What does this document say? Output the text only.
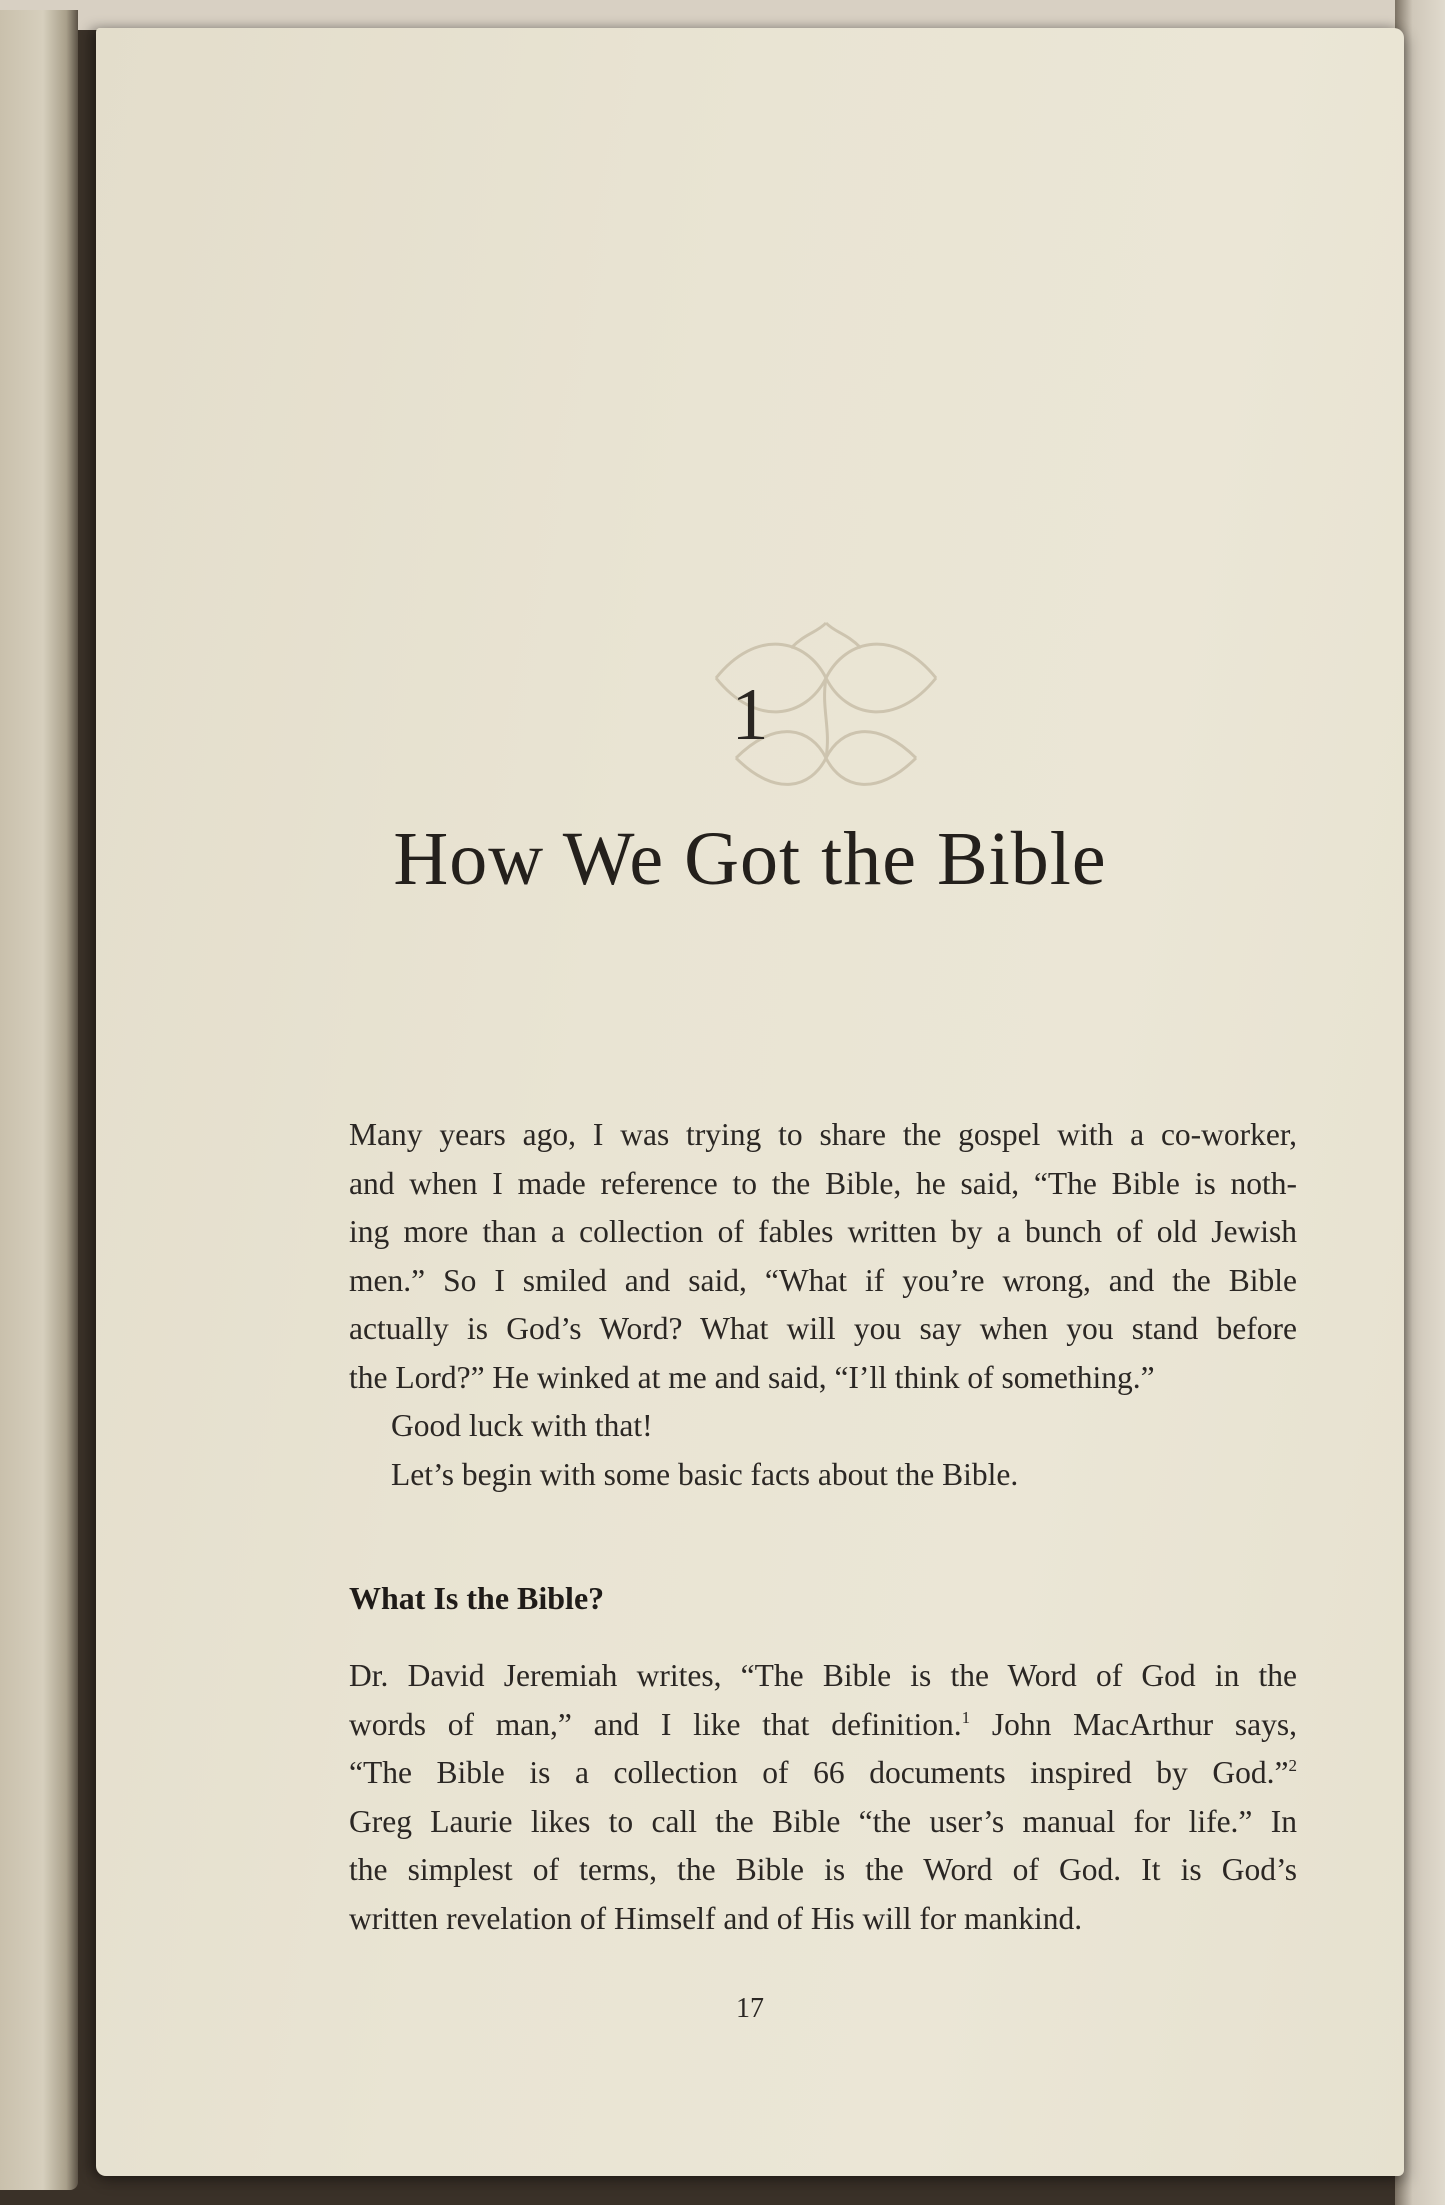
1
How We Got the Bible
Many years ago, I was trying to share the gospel with a co-worker,
and when I made reference to the Bible, he said, “The Bible is noth-
ing more than a collection of fables written by a bunch of old Jewish
men.” So I smiled and said, “What if you’re wrong, and the Bible
actually is God’s Word? What will you say when you stand before
the Lord?” He winked at me and said, “I’ll think of something.”
Good luck with that!
Let’s begin with some basic facts about the Bible.
What Is the Bible?
Dr. David Jeremiah writes, “The Bible is the Word of God in the
words of man,” and I like that definition.$^1$ John MacArthur says,
“The Bible is a collection of 66 documents inspired by God.”$^2$
Greg Laurie likes to call the Bible “the user’s manual for life.” In
the simplest of terms, the Bible is the Word of God. It is God’s
written revelation of Himself and of His will for mankind.
17
